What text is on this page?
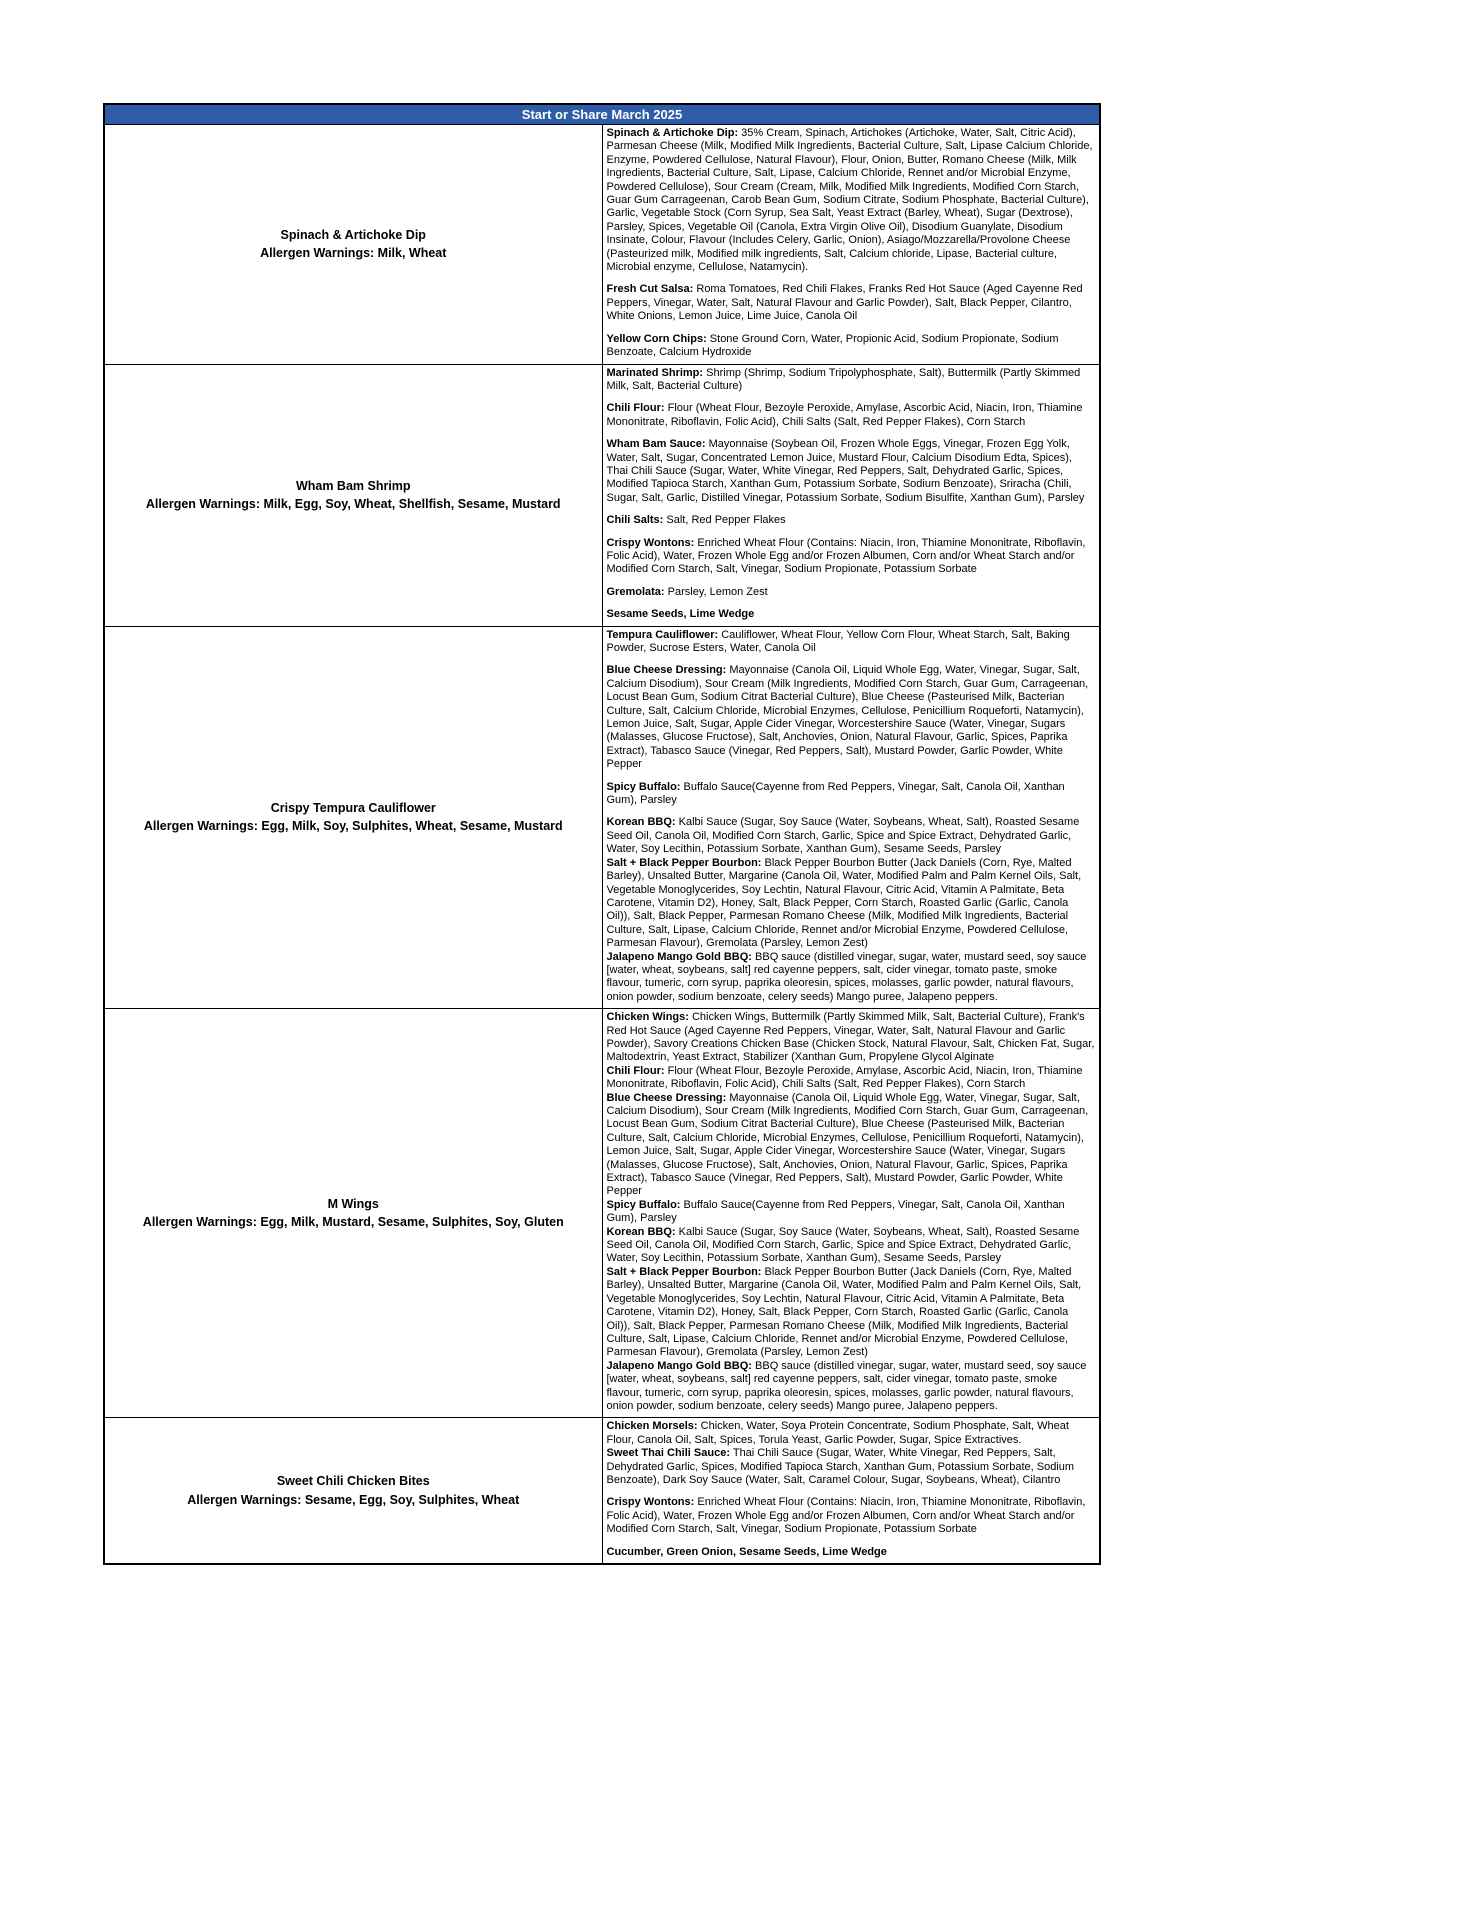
Start or Share March 2025	

Spinach & Artichoke Dip
Allergen Warnings: Milk, Wheat

Spinach & Artichoke Dip: 35% Cream, Spinach, Artichokes (Artichoke, Water, Salt, Citric Acid), Parmesan Cheese (Milk, Modified Milk Ingredients, Bacterial Culture, Salt, Lipase Calcium Chloride, Enzyme, Powdered Cellulose, Natural Flavour), Flour, Onion, Butter, Romano Cheese (Milk, Milk Ingredients, Bacterial Culture, Salt, Lipase, Calcium Chloride, Rennet and/or Microbial Enzyme, Powdered Cellulose), Sour Cream (Cream, Milk, Modified Milk Ingredients, Modified Corn Starch, Guar Gum Carrageenan, Carob Bean Gum, Sodium Citrate, Sodium Phosphate, Bacterial Culture), Garlic, Vegetable Stock (Corn Syrup, Sea Salt, Yeast Extract (Barley, Wheat), Sugar (Dextrose), Parsley, Spices, Vegetable Oil (Canola, Extra Virgin Olive Oil), Disodium Guanylate, Disodium Insinate, Colour, Flavour (Includes Celery, Garlic, Onion), Asiago/Mozzarella/Provolone Cheese (Pasteurized milk, Modified milk ingredients, Salt, Calcium chloride, Lipase, Bacterial culture, Microbial enzyme, Cellulose, Natamycin).

Fresh Cut Salsa: Roma Tomatoes, Red Chili Flakes, Franks Red Hot Sauce (Aged Cayenne Red Peppers, Vinegar, Water, Salt, Natural Flavour and Garlic Powder), Salt, Black Pepper, Cilantro, White Onions, Lemon Juice, Lime Juice, Canola Oil

Yellow Corn Chips: Stone Ground Corn, Water, Propionic Acid, Sodium Propionate, Sodium Benzoate, Calcium Hydroxide

Wham Bam Shrimp
Allergen Warnings: Milk, Egg, Soy, Wheat, Shellfish, Sesame, Mustard

Marinated Shrimp: Shrimp (Shrimp, Sodium Tripolyphosphate, Salt), Buttermilk (Partly Skimmed Milk, Salt, Bacterial Culture)

Chili Flour: Flour (Wheat Flour, Bezoyle Peroxide, Amylase, Ascorbic Acid, Niacin, Iron, Thiamine Mononitrate, Riboflavin, Folic Acid), Chili Salts (Salt, Red Pepper Flakes), Corn Starch

Wham Bam Sauce: Mayonnaise (Soybean Oil, Frozen Whole Eggs, Vinegar, Frozen Egg Yolk, Water, Salt, Sugar, Concentrated Lemon Juice, Mustard Flour, Calcium Disodium Edta, Spices), Thai Chili Sauce (Sugar, Water, White Vinegar, Red Peppers, Salt, Dehydrated Garlic, Spices, Modified Tapioca Starch, Xanthan Gum, Potassium Sorbate, Sodium Benzoate), Sriracha (Chili, Sugar, Salt, Garlic, Distilled Vinegar, Potassium Sorbate, Sodium Bisulfite, Xanthan Gum), Parsley

Chili Salts: Salt, Red Pepper Flakes

Crispy Wontons: Enriched Wheat Flour (Contains: Niacin, Iron, Thiamine Mononitrate, Riboflavin, Folic Acid), Water, Frozen Whole Egg and/or Frozen Albumen, Corn and/or Wheat Starch and/or Modified Corn Starch, Salt, Vinegar, Sodium Propionate, Potassium Sorbate

Gremolata: Parsley, Lemon Zest

Sesame Seeds, Lime Wedge

Crispy Tempura Cauliflower
Allergen Warnings: Egg, Milk, Soy, Sulphites, Wheat, Sesame, Mustard

Tempura Cauliflower: Cauliflower, Wheat Flour, Yellow Corn Flour, Wheat Starch, Salt, Baking Powder, Sucrose Esters, Water, Canola Oil

Blue Cheese Dressing: Mayonnaise (Canola Oil, Liquid Whole Egg, Water, Vinegar, Sugar, Salt, Calcium Disodium), Sour Cream (Milk Ingredients, Modified Corn Starch, Guar Gum, Carrageenan, Locust Bean Gum, Sodium Citrat Bacterial Culture), Blue Cheese (Pasteurised Milk, Bacterian Culture, Salt, Calcium Chloride, Microbial Enzymes, Cellulose, Penicillium Roqueforti, Natamycin), Lemon Juice, Salt, Sugar, Apple Cider Vinegar, Worcestershire Sauce (Water, Vinegar, Sugars (Malasses, Glucose Fructose), Salt, Anchovies, Onion, Natural Flavour, Garlic, Spices, Paprika Extract), Tabasco Sauce (Vinegar, Red Peppers, Salt), Mustard Powder, Garlic Powder, White Pepper

Spicy Buffalo: Buffalo Sauce(Cayenne from Red Peppers, Vinegar, Salt, Canola Oil, Xanthan Gum), Parsley

Korean BBQ: Kalbi Sauce (Sugar, Soy Sauce (Water, Soybeans, Wheat, Salt), Roasted Sesame Seed Oil, Canola Oil, Modified Corn Starch, Garlic, Spice and Spice Extract, Dehydrated Garlic, Water, Soy Lecithin, Potassium Sorbate, Xanthan Gum), Sesame Seeds, Parsley

Salt + Black Pepper Bourbon: Black Pepper Bourbon Butter (Jack Daniels (Corn, Rye, Malted Barley), Unsalted Butter, Margarine (Canola Oil, Water, Modified Palm and Palm Kernel Oils, Salt, Vegetable Monoglycerides, Soy Lechtin, Natural Flavour, Citric Acid, Vitamin A Palmitate, Beta Carotene, Vitamin D2), Honey, Salt, Black Pepper, Corn Starch, Roasted Garlic (Garlic, Canola Oil)), Salt, Black Pepper, Parmesan Romano Cheese (Milk, Modified Milk Ingredients, Bacterial Culture, Salt, Lipase, Calcium Chloride, Rennet and/or Microbial Enzyme, Powdered Cellulose, Parmesan Flavour), Gremolata (Parsley, Lemon Zest)

Jalapeno Mango Gold BBQ: BBQ sauce (distilled vinegar, sugar, water, mustard seed, soy sauce [water, wheat, soybeans, salt] red cayenne peppers, salt, cider vinegar, tomato paste, smoke flavour, tumeric, corn syrup, paprika oleoresin, spices, molasses, garlic powder, natural flavours, onion powder, sodium benzoate, celery seeds) Mango puree, Jalapeno peppers.

M Wings
Allergen Warnings: Egg, Milk, Mustard, Sesame, Sulphites, Soy, Gluten

Chicken Wings: Chicken Wings, Buttermilk (Partly Skimmed Milk, Salt, Bacterial Culture), Frank's Red Hot Sauce (Aged Cayenne Red Peppers, Vinegar, Water, Salt, Natural Flavour and Garlic Powder), Savory Creations Chicken Base (Chicken Stock, Natural Flavour, Salt, Chicken Fat, Sugar, Maltodextrin, Yeast Extract, Stabilizer (Xanthan Gum, Propylene Glycol Alginate

Chili Flour: Flour (Wheat Flour, Bezoyle Peroxide, Amylase, Ascorbic Acid, Niacin, Iron, Thiamine Mononitrate, Riboflavin, Folic Acid), Chili Salts (Salt, Red Pepper Flakes), Corn Starch

Blue Cheese Dressing: Mayonnaise (Canola Oil, Liquid Whole Egg, Water, Vinegar, Sugar, Salt, Calcium Disodium), Sour Cream (Milk Ingredients, Modified Corn Starch, Guar Gum, Carrageenan, Locust Bean Gum, Sodium Citrat Bacterial Culture), Blue Cheese (Pasteurised Milk, Bacterian Culture, Salt, Calcium Chloride, Microbial Enzymes, Cellulose, Penicillium Roqueforti, Natamycin), Lemon Juice, Salt, Sugar, Apple Cider Vinegar, Worcestershire Sauce (Water, Vinegar, Sugars (Malasses, Glucose Fructose), Salt, Anchovies, Onion, Natural Flavour, Garlic, Spices, Paprika Extract), Tabasco Sauce (Vinegar, Red Peppers, Salt), Mustard Powder, Garlic Powder, White Pepper

Spicy Buffalo: Buffalo Sauce(Cayenne from Red Peppers, Vinegar, Salt, Canola Oil, Xanthan Gum), Parsley

Korean BBQ: Kalbi Sauce (Sugar, Soy Sauce (Water, Soybeans, Wheat, Salt), Roasted Sesame Seed Oil, Canola Oil, Modified Corn Starch, Garlic, Spice and Spice Extract, Dehydrated Garlic, Water, Soy Lecithin, Potassium Sorbate, Xanthan Gum), Sesame Seeds, Parsley

Salt + Black Pepper Bourbon: Black Pepper Bourbon Butter (Jack Daniels (Corn, Rye, Malted Barley), Unsalted Butter, Margarine (Canola Oil, Water, Modified Palm and Palm Kernel Oils, Salt, Vegetable Monoglycerides, Soy Lechtin, Natural Flavour, Citric Acid, Vitamin A Palmitate, Beta Carotene, Vitamin D2), Honey, Salt, Black Pepper, Corn Starch, Roasted Garlic (Garlic, Canola Oil)), Salt, Black Pepper, Parmesan Romano Cheese (Milk, Modified Milk Ingredients, Bacterial Culture, Salt, Lipase, Calcium Chloride, Rennet and/or Microbial Enzyme, Powdered Cellulose, Parmesan Flavour), Gremolata (Parsley, Lemon Zest)

Jalapeno Mango Gold BBQ: BBQ sauce (distilled vinegar, sugar, water, mustard seed, soy sauce [water, wheat, soybeans, salt] red cayenne peppers, salt, cider vinegar, tomato paste, smoke flavour, tumeric, corn syrup, paprika oleoresin, spices, molasses, garlic powder, natural flavours, onion powder, sodium benzoate, celery seeds) Mango puree, Jalapeno peppers.

Sweet Chili Chicken Bites
Allergen Warnings: Sesame, Egg, Soy, Sulphites, Wheat

Chicken Morsels: Chicken, Water, Soya Protein Concentrate, Sodium Phosphate, Salt, Wheat Flour, Canola Oil, Salt, Spices, Torula Yeast, Garlic Powder, Sugar, Spice Extractives.

Sweet Thai Chili Sauce: Thai Chili Sauce (Sugar, Water, White Vinegar, Red Peppers, Salt, Dehydrated Garlic, Spices, Modified Tapioca Starch, Xanthan Gum, Potassium Sorbate, Sodium Benzoate), Dark Soy Sauce (Water, Salt, Caramel Colour, Sugar, Soybeans, Wheat), Cilantro

Crispy Wontons: Enriched Wheat Flour (Contains: Niacin, Iron, Thiamine Mononitrate, Riboflavin, Folic Acid), Water, Frozen Whole Egg and/or Frozen Albumen, Corn and/or Wheat Starch and/or Modified Corn Starch, Salt, Vinegar, Sodium Propionate, Potassium Sorbate

Cucumber, Green Onion, Sesame Seeds, Lime Wedge
